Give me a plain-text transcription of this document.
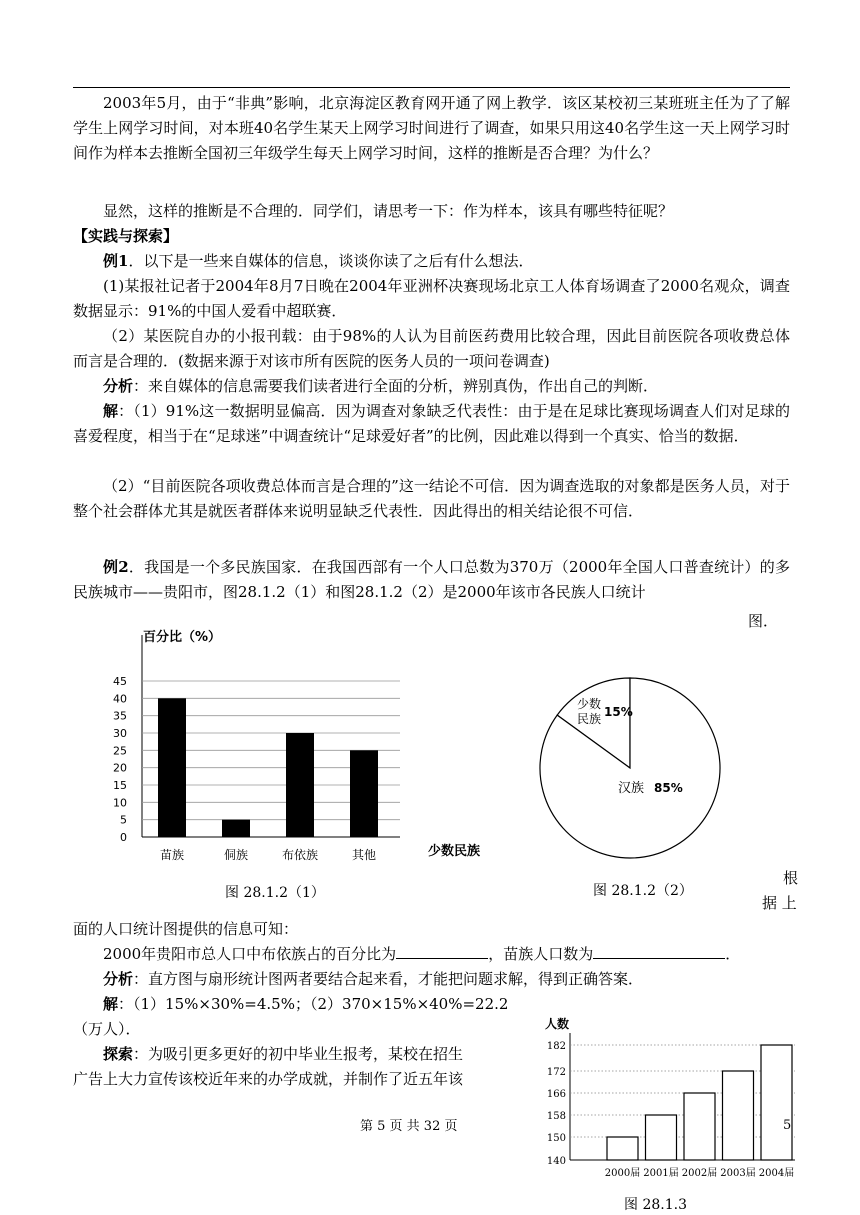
2003年5月，由于“非典”影响，北京海淀区教育网开通了网上教学．该区某校初三某班班主任为了了解学生上网学习时间，对本班40名学生某天上网学习时间进行了调查，如果只用这40名学生这一天上网学习时间作为样本去推断全国初三年级学生每天上网学习时间，这样的推断是否合理？为什么？

显然，这样的推断是不合理的．同学们，请思考一下：作为样本，该具有哪些特征呢？

【实践与探索】

例1．以下是一些来自媒体的信息，谈谈你读了之后有什么想法．

(1)某报社记者于2004年8月7日晚在2004年亚洲杯决赛现场北京工人体育场调查了2000名观众，调查数据显示：91%的中国人爱看中超联赛．

（2）某医院自办的小报刊载：由于98%的人认为目前医药费用比较合理，因此目前医院各项收费总体而言是合理的．(数据来源于对该市所有医院的医务人员的一项问卷调查)

分析：来自媒体的信息需要我们读者进行全面的分析，辨别真伪，作出自己的判断．

解：（1）91%这一数据明显偏高．因为调查对象缺乏代表性：由于是在足球比赛现场调查人们对足球的喜爱程度，相当于在“足球迷”中调查统计“足球爱好者”的比例，因此难以得到一个真实、恰当的数据．

（2）“目前医院各项收费总体而言是合理的”这一结论不可信．因为调查选取的对象都是医务人员，对于整个社会群体尤其是就医者群体来说明显缺乏代表性．因此得出的相关结论很不可信．

例2．我国是一个多民族国家．在我国西部有一个人口总数为370万（2000年全国人口普查统计）的多民族城市——贵阳市，图28.1.2（1）和图28.1.2（2）是2000年该市各民族人口统计

图．
百分比（%）
少数民族
0
5
10
15
20
25
30
35
40
45
苗族	侗族	布依族	其他
图 28.1.2（1）
少数
民族 15%
汉族 85%
图 28.1.2（2）
根
据 上

面的人口统计图提供的信息可知：

2000年贵阳市总人口中布依族占的百分比为	，苗族人口数为	．

分析：直方图与扇形统计图两者要结合起来看，才能把问题求解，得到正确答案．

解：（1）15%×30%=4.5%；（2）370×15%×40%=22.2

（万人）．

探索：为吸引更多更好的初中毕业生报考，某校在招生

广告上大力宣传该校近年来的办学成就，并制作了近五年该

第 5 页 共 32 页
人数
140
150
158
166
172
182
2000届 2001届 2002届 2003届 2004届
5
图 28.1.3
